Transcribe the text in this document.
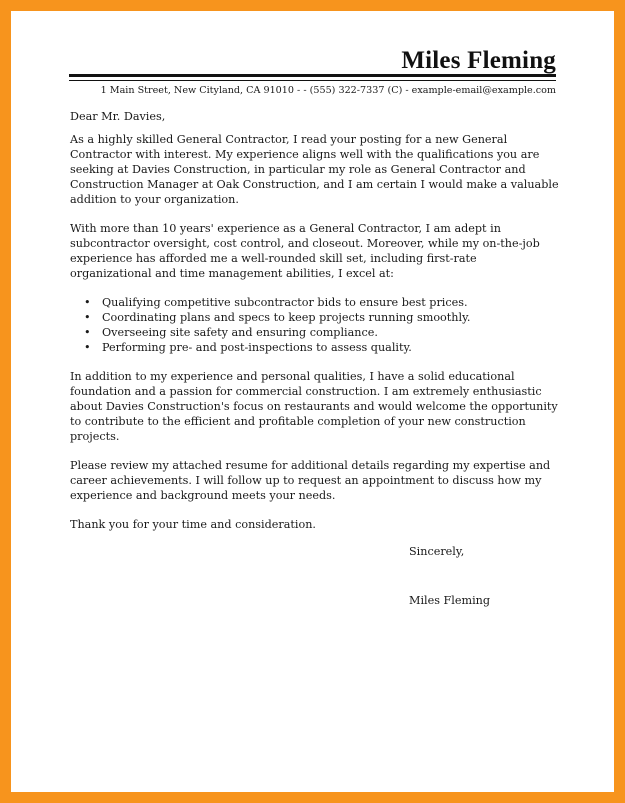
Miles Fleming
1 Main Street, New Cityland, CA 91010 - - (555) 322-7337 (C) - example-email@example.com

Dear Mr. Davies,

As a highly skilled General Contractor, I read your posting for a new General Contractor with interest. My experience aligns well with the qualifications you are seeking at Davies Construction, in particular my role as General Contractor and Construction Manager at Oak Construction, and I am certain I would make a valuable addition to your organization.

With more than 10 years' experience as a General Contractor, I am adept in subcontractor oversight, cost control, and closeout. Moreover, while my on-the-job experience has afforded me a well-rounded skill set, including first-rate organizational and time management abilities, I excel at:

• Qualifying competitive subcontractor bids to ensure best prices.
• Coordinating plans and specs to keep projects running smoothly.
• Overseeing site safety and ensuring compliance.
• Performing pre- and post-inspections to assess quality.

In addition to my experience and personal qualities, I have a solid educational foundation and a passion for commercial construction. I am extremely enthusiastic about Davies Construction's focus on restaurants and would welcome the opportunity to contribute to the efficient and profitable completion of your new construction projects.

Please review my attached resume for additional details regarding my expertise and career achievements. I will follow up to request an appointment to discuss how my experience and background meets your needs.

Thank you for your time and consideration.

Sincerely,
Miles Fleming
